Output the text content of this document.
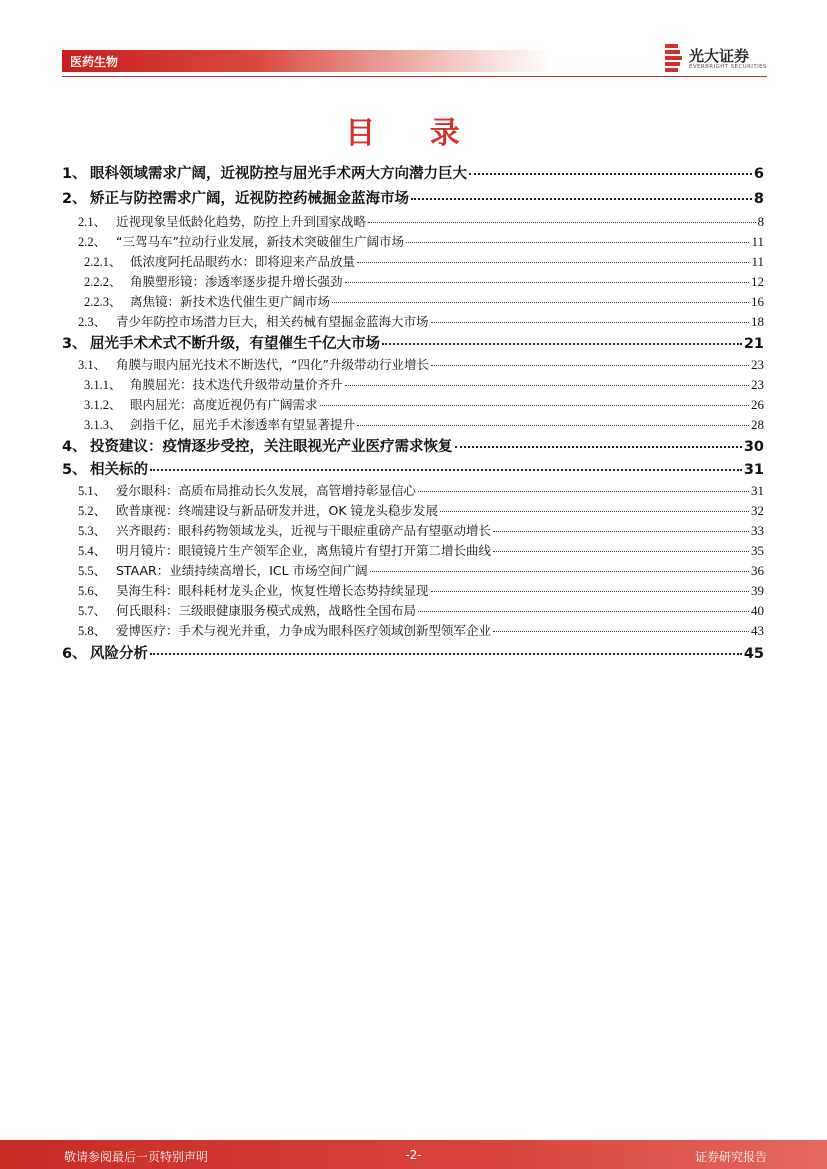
医药生物	光大证券
EVERBRIGHT SECURITIES
目 录
1、 眼科领域需求广阔，近视防控与屈光手术两大方向潜力巨大	6
2、 矫正与防控需求广阔，近视防控药械掘金蓝海市场	8
2.1、 近视现象呈低龄化趋势，防控上升到国家战略	8
2.2、 “三驾马车”拉动行业发展，新技术突破催生广阔市场	11
2.2.1、 低浓度阿托品眼药水：即将迎来产品放量	11
2.2.2、 角膜塑形镜：渗透率逐步提升增长强劲	12
2.2.3、 离焦镜：新技术迭代催生更广阔市场	16
2.3、 青少年防控市场潜力巨大，相关药械有望掘金蓝海大市场	18
3、 屈光手术术式不断升级，有望催生千亿大市场	21
3.1、 角膜与眼内屈光技术不断迭代，“四化”升级带动行业增长	23
3.1.1、 角膜屈光：技术迭代升级带动量价齐升	23
3.1.2、 眼内屈光：高度近视仍有广阔需求	26
3.1.3、 剑指千亿，屈光手术渗透率有望显著提升	28
4、 投资建议：疫情逐步受控，关注眼视光产业医疗需求恢复	30
5、 相关标的	31
5.1、 爱尔眼科：高质布局推动长久发展，高管增持彰显信心	31
5.2、 欧普康视：终端建设与新品研发并进，OK 镜龙头稳步发展	32
5.3、 兴齐眼药：眼科药物领域龙头，近视与干眼症重磅产品有望驱动增长	33
5.4、 明月镜片：眼镜镜片生产领军企业，离焦镜片有望打开第二增长曲线	35
5.5、 STAAR：业绩持续高增长，ICL 市场空间广阔	36
5.6、 昊海生科：眼科耗材龙头企业，恢复性增长态势持续显现	39
5.7、 何氏眼科：三级眼健康服务模式成熟，战略性全国布局	40
5.8、 爱博医疗：手术与视光并重，力争成为眼科医疗领域创新型领军企业	43
6、 风险分析	45
-2-
敬请参阅最后一页特别声明	证券研究报告
